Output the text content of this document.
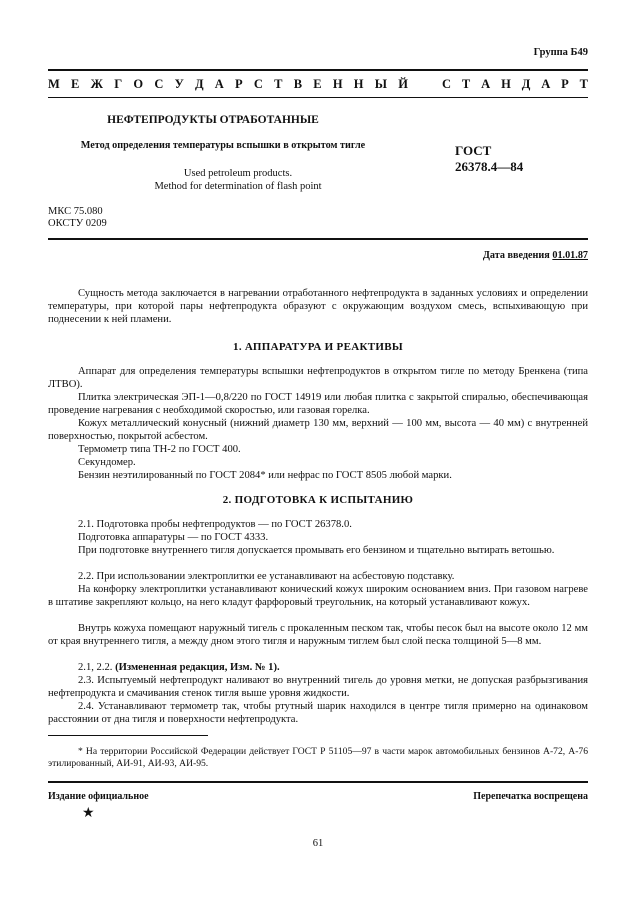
Группа Б49
М Е Ж Г О С У Д А Р С Т В Е Н Н Ы Й	С Т А Н Д А Р Т
НЕФТЕПРОДУКТЫ ОТРАБОТАННЫЕ
Метод определения температуры вспышки в открытом тигле
Used petroleum products.
Method for determination of flash point
ГОСТ
26378.4—84
МКС 75.080
ОКСТУ 0209
Дата введения 01.01.87

Сущность метода заключается в нагревании отработанного нефтепродукта в заданных условиях и определении температуры, при которой пары нефтепродукта образуют с окружающим воздухом смесь, вспыхивающую при поднесении к ней пламени.

1. АППАРАТУРА И РЕАКТИВЫ

Аппарат для определения температуры вспышки нефтепродуктов в открытом тигле по методу Бренкена (типа ЛТВО).

Плитка электрическая ЭП-1—0,8/220 по ГОСТ 14919 или любая плитка с закрытой спиралью, обеспечивающая проведение нагревания с необходимой скоростью, или газовая горелка.

Кожух металлический конусный (нижний диаметр 130 мм, верхний — 100 мм, высота — 40 мм) с внутренней поверхностью, покрытой асбестом.

Термометр типа ТН-2 по ГОСТ 400.

Секундомер.

Бензин неэтилированный по ГОСТ 2084* или нефрас по ГОСТ 8505 любой марки.

2. ПОДГОТОВКА К ИСПЫТАНИЮ

2.1. Подготовка пробы нефтепродуктов — по ГОСТ 26378.0.

Подготовка аппаратуры — по ГОСТ 4333.

При подготовке внутреннего тигля допускается промывать его бензином и тщательно вытирать ветошью.

2.2. При использовании электроплитки ее устанавливают на асбестовую подставку.

На конфорку электроплитки устанавливают конический кожух широким основанием вниз. При газовом нагреве в штативе закрепляют кольцо, на него кладут фарфоровый треугольник, на который устанавливают кожух.

Внутрь кожуха помещают наружный тигель с прокаленным песком так, чтобы песок был на высоте около 12 мм от края внутреннего тигля, а между дном этого тигля и наружным тиглем был слой песка толщиной 5—8 мм.

2.1, 2.2. (Измененная редакция, Изм. № 1).

2.3. Испытуемый нефтепродукт наливают во внутренний тигель до уровня метки, не допуская разбрызгивания нефтепродукта и смачивания стенок тигля выше уровня жидкости.

2.4. Устанавливают термометр так, чтобы ртутный шарик находился в центре тигля примерно на одинаковом расстоянии от дна тигля и поверхности нефтепродукта.

* На территории Российской Федерации действует ГОСТ Р 51105—97 в части марок автомобильных бензинов А-72, А-76 этилированный, АИ-91, АИ-93, АИ-95.

Издание официальное	Перепечатка воспрещена
★
61
